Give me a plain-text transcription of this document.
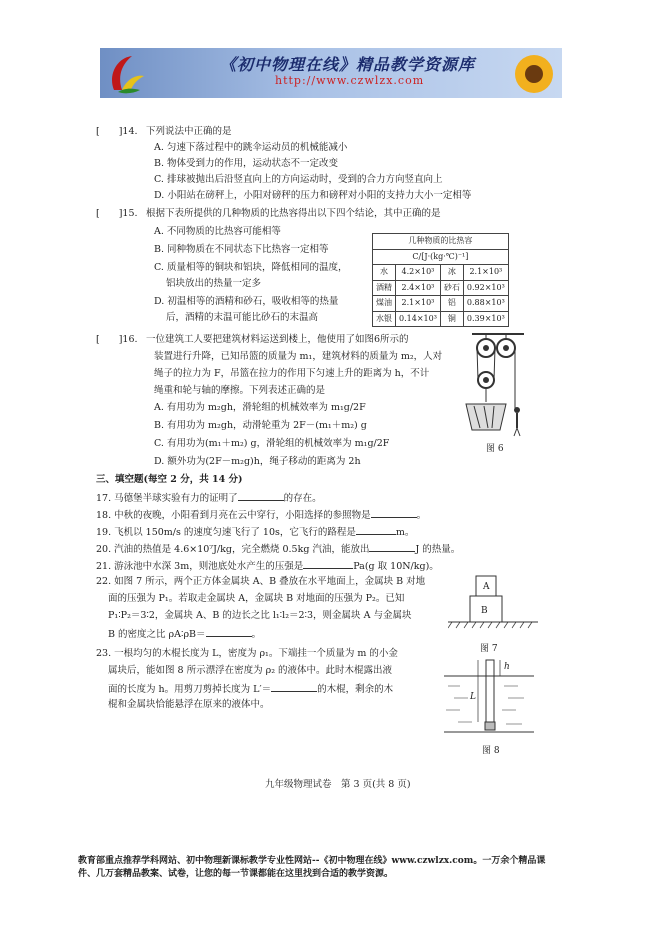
《初中物理在线》精品教学资源库
http://www.czwlzx.com
[　　]14. 下列说法中正确的是
A. 匀速下落过程中的跳伞运动员的机械能减小
B. 物体受到力的作用，运动状态不一定改变
C. 排球被抛出后沿竖直向上的方向运动时，受到的合力方向竖直向上
D. 小阳站在磅秤上，小阳对磅秤的压力和磅秤对小阳的支持力大小一定相等
[　　]15. 根据下表所提供的几种物质的比热容得出以下四个结论，其中正确的是
A. 不同物质的比热容可能相等
B. 同种物质在不同状态下比热容一定相等
C. 质量相等的铜块和铝块，降低相同的温度，
铝块放出的热量一定多
D. 初温相等的酒精和砂石，吸收相等的热量
后，酒精的末温可能比砂石的末温高
几种物质的比热容			
C/[J·(kg·℃)⁻¹]			
水	4.2×10³	冰	2.1×10³
酒精	2.4×10³	砂石	0.92×10³
煤油	2.1×10³	铝	0.88×10³
水银	0.14×10³	铜	0.39×10³
[　　]16. 一位建筑工人要把建筑材料运送到楼上，他使用了如图6所示的
装置进行升降，已知吊篮的质量为 m₁，建筑材料的质量为 m₂，人对
绳子的拉力为 F，吊篮在拉力的作用下匀速上升的距离为 h，不计
绳重和轮与轴的摩擦。下列表述正确的是
A. 有用功为 m₂gh，滑轮组的机械效率为 m₁g/2F
B. 有用功为 m₂gh，动滑轮重为 2F－(m₁＋m₂) g
C. 有用功为(m₁＋m₂) g，滑轮组的机械效率为 m₁g/2F
D. 额外功为(2F－m₂g)h，绳子移动的距离为 2h
图 6
三、填空题(每空 2 分，共 14 分)
17. 马德堡半球实验有力的证明了	的存在。
18. 中秋的夜晚，小阳看到月亮在云中穿行，小阳选择的参照物是	。
19. 飞机以 150m/s 的速度匀速飞行了 10s，它飞行的路程是	m。
20. 汽油的热值是 4.6×10⁷J/kg，完全燃烧 0.5kg 汽油，能放出	J 的热量。
21. 游泳池中水深 3m，则池底处水产生的压强是	Pa(g 取 10N/kg)。
22. 如图 7 所示，两个正方体金属块 A、B 叠放在水平地面上，金属块 B 对地
面的压强为 P₁。若取走金属块 A，金属块 B 对地面的压强为 P₂。已知
P₁∶P₂＝3∶2，金属块 A、B 的边长之比 l₁∶l₂＝2∶3，则金属块 A 与金属块
B 的密度之比 ρA∶ρB＝	。
A
B
图 7
23. 一根均匀的木棍长度为 L，密度为 ρ₁。下端挂一个质量为 m 的小金
属块后，能如图 8 所示漂浮在密度为 ρ₂ 的液体中。此时木棍露出液
面的长度为 h。用剪刀剪掉长度为 L′＝	的木棍，剩余的木
棍和金属块恰能悬浮在原来的液体中。
h
L
图 8
九年级物理试卷　第 3 页(共 8 页)
教育部重点推荐学科网站、初中物理新课标教学专业性网站--《初中物理在线》www.czwlzx.com。一万余个精品课
件、几万套精品教案、试卷，让您的每一节课都能在这里找到合适的教学资源。
